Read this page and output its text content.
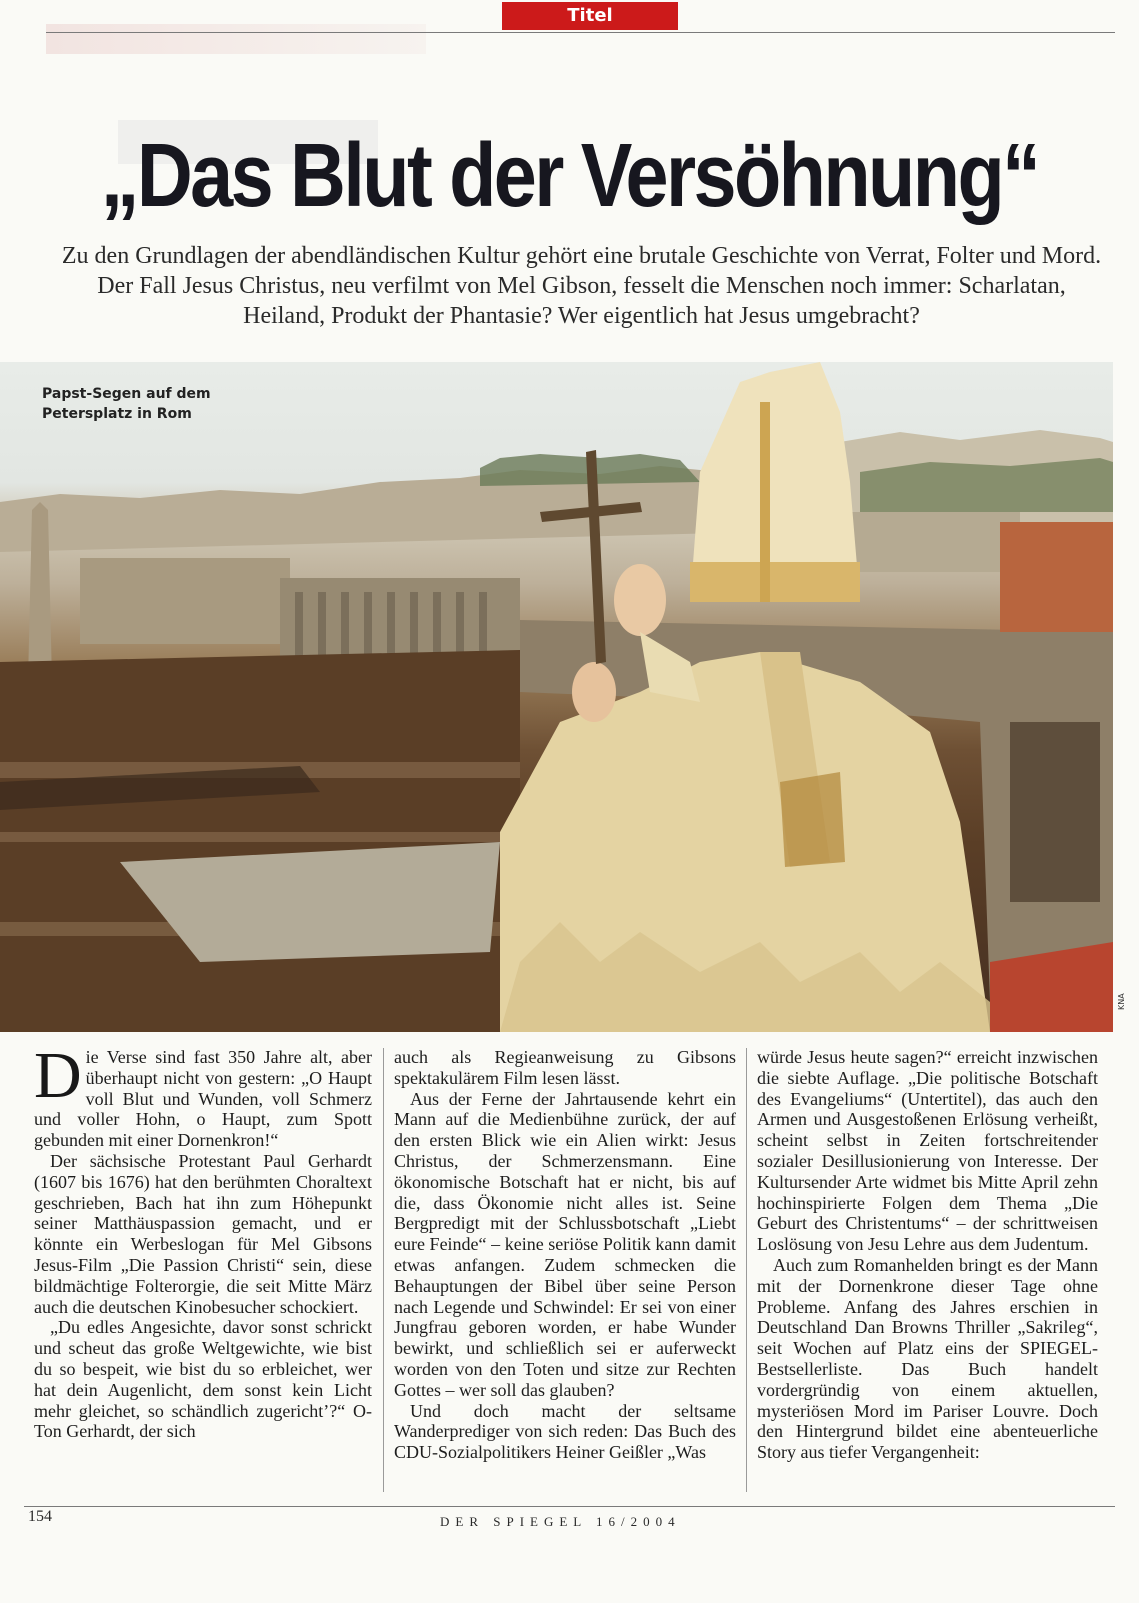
Titel
„Das Blut der Versöhnung“

Zu den Grundlagen der abendländischen Kultur gehört eine brutale Geschichte von Verrat, Folter und Mord. Der Fall Jesus Christus, neu verfilmt von Mel Gibson, fesselt die Menschen noch immer: Scharlatan, Heiland, Produkt der Phantasie? Wer eigentlich hat Jesus umgebracht?

Papst-Segen auf dem Petersplatz in Rom

KNA
D ie Verse sind fast 350 Jahre alt, aber überhaupt nicht von gestern: „O Haupt voll Blut und Wunden, voll Schmerz und voller Hohn, o Haupt, zum Spott gebunden mit einer Dornenkron!“

Der sächsische Protestant Paul Gerhardt (1607 bis 1676) hat den berühmten Choraltext geschrieben, Bach hat ihn zum Höhepunkt seiner Matthäuspassion gemacht, und er könnte ein Werbeslogan für Mel Gibsons Jesus-Film „Die Passion Christi“ sein, diese bildmächtige Folterorgie, die seit Mitte März auch die deutschen Kinobesucher schockiert.

„Du edles Angesichte, davor sonst schrickt und scheut das große Weltgewichte, wie bist du so bespeit, wie bist du so erbleichet, wer hat dein Augenlicht, dem sonst kein Licht mehr gleichet, so schändlich zugericht’?“ O-Ton Gerhardt, der sich

auch als Regieanweisung zu Gibsons spektakulärem Film lesen lässt.

Aus der Ferne der Jahrtausende kehrt ein Mann auf die Medienbühne zurück, der auf den ersten Blick wie ein Alien wirkt: Jesus Christus, der Schmerzensmann. Eine ökonomische Botschaft hat er nicht, bis auf die, dass Ökonomie nicht alles ist. Seine Bergpredigt mit der Schlussbotschaft „Liebt eure Feinde“ – keine seriöse Politik kann damit etwas anfangen. Zudem schmecken die Behauptungen der Bibel über seine Person nach Legende und Schwindel: Er sei von einer Jungfrau geboren worden, er habe Wunder bewirkt, und schließlich sei er auferweckt worden von den Toten und sitze zur Rechten Gottes – wer soll das glauben?

Und doch macht der seltsame Wanderprediger von sich reden: Das Buch des CDU-Sozialpolitikers Heiner Geißler „Was

würde Jesus heute sagen?“ erreicht inzwischen die siebte Auflage. „Die politische Botschaft des Evangeliums“ (Untertitel), das auch den Armen und Ausgestoßenen Erlösung verheißt, scheint selbst in Zeiten fortschreitender sozialer Desillusionierung von Interesse. Der Kultursender Arte widmet bis Mitte April zehn hochinspirierte Folgen dem Thema „Die Geburt des Christentums“ – der schrittweisen Loslösung von Jesu Lehre aus dem Judentum.

Auch zum Romanhelden bringt es der Mann mit der Dornenkrone dieser Tage ohne Probleme. Anfang des Jahres erschien in Deutschland Dan Browns Thriller „Sakrileg“, seit Wochen auf Platz eins der SPIEGEL-Bestsellerliste. Das Buch handelt vordergründig von einem aktuellen, mysteriösen Mord im Pariser Louvre. Doch den Hintergrund bildet eine abenteuerliche Story aus tiefer Vergangenheit:

154	DER SPIEGEL 16/2004
